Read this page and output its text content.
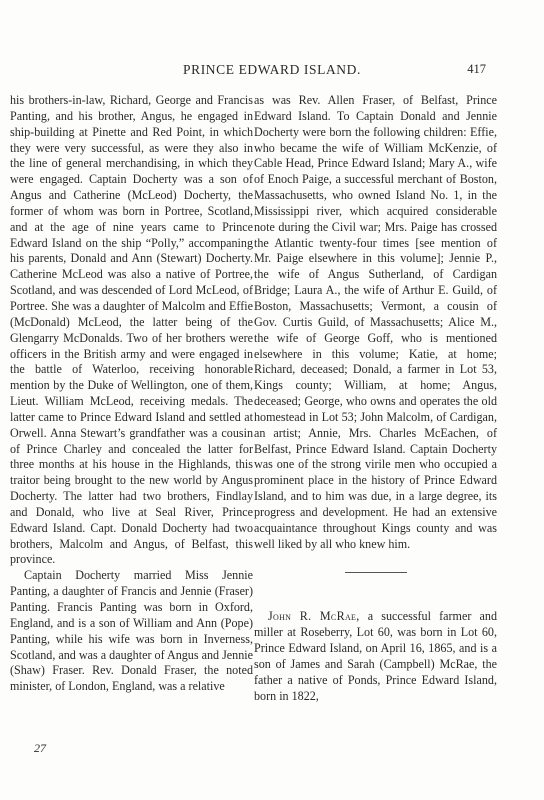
PRINCE EDWARD ISLAND.	417

his brothers-in-law, Richard, George and Francis Panting, and his brother, Angus, he engaged in ship-building at Pinette and Red Point, in which they were very successful, as were they also in the line of general merchandising, in which they were engaged. Captain Docherty was a son of Angus and Catherine (McLeod) Docherty, the former of whom was born in Portree, Scotland, and at the age of nine years came to Prince Edward Island on the ship “Polly,” accompaning his parents, Donald and Ann (Stewart) Docherty. Catherine McLeod was also a native of Portree, Scotland, and was descended of Lord McLeod, of Portree. She was a daughter of Malcolm and Effie (McDonald) McLeod, the latter being of the Glengarry McDonalds. Two of her brothers were officers in the British army and were engaged in the battle of Waterloo, receiving honorable mention by the Duke of Wellington, one of them, Lieut. William McLeod, receiving medals. The latter came to Prince Edward Island and settled at Orwell. Anna Stewart’s grandfather was a cousin of Prince Charley and concealed the latter for three months at his house in the Highlands, this traitor being brought to the new world by Angus Docherty. The latter had two brothers, Findlay and Donald, who live at Seal River, Prince Edward Island. Capt. Donald Docherty had two brothers, Malcolm and Angus, of Belfast, this province.

Captain Docherty married Miss Jennie Panting, a daughter of Francis and Jennie (Fraser) Panting. Francis Panting was born in Oxford, England, and is a son of William and Ann (Pope) Panting, while his wife was born in Inverness, Scotland, and was a daughter of Angus and Jennie (Shaw) Fraser. Rev. Donald Fraser, the noted minister, of London, England, was a relative

as was Rev. Allen Fraser, of Belfast, Prince Edward Island. To Captain Donald and Jennie Docherty were born the following children: Effie, who became the wife of William McKenzie, of Cable Head, Prince Edward Island; Mary A., wife of Enoch Paige, a successful merchant of Boston, Massachusetts, who owned Island No. 1, in the Mississippi river, which acquired considerable note during the Civil war; Mrs. Paige has crossed the Atlantic twenty-four times [see mention of Mr. Paige elsewhere in this volume]; Jennie P., the wife of Angus Sutherland, of Cardigan Bridge; Laura A., the wife of Arthur E. Guild, of Boston, Massachusetts; Vermont, a cousin of Gov. Curtis Guild, of Massachusetts; Alice M., the wife of George Goff, who is mentioned elsewhere in this volume; Katie, at home; Richard, deceased; Donald, a farmer in Lot 53, Kings county; William, at home; Angus, deceased; George, who owns and operates the old homestead in Lot 53; John Malcolm, of Cardigan, an artist; Annie, Mrs. Charles McEachen, of Belfast, Prince Edward Island. Captain Docherty was one of the strong virile men who occupied a prominent place in the history of Prince Edward Island, and to him was due, in a large degree, its progress and development. He had an extensive acquaintance throughout Kings county and was well liked by all who knew him.

John R. McRae, a successful farmer and miller at Roseberry, Lot 60, was born in Lot 60, Prince Edward Island, on April 16, 1865, and is a son of James and Sarah (Campbell) McRae, the father a native of Ponds, Prince Edward Island, born in 1822,

27
